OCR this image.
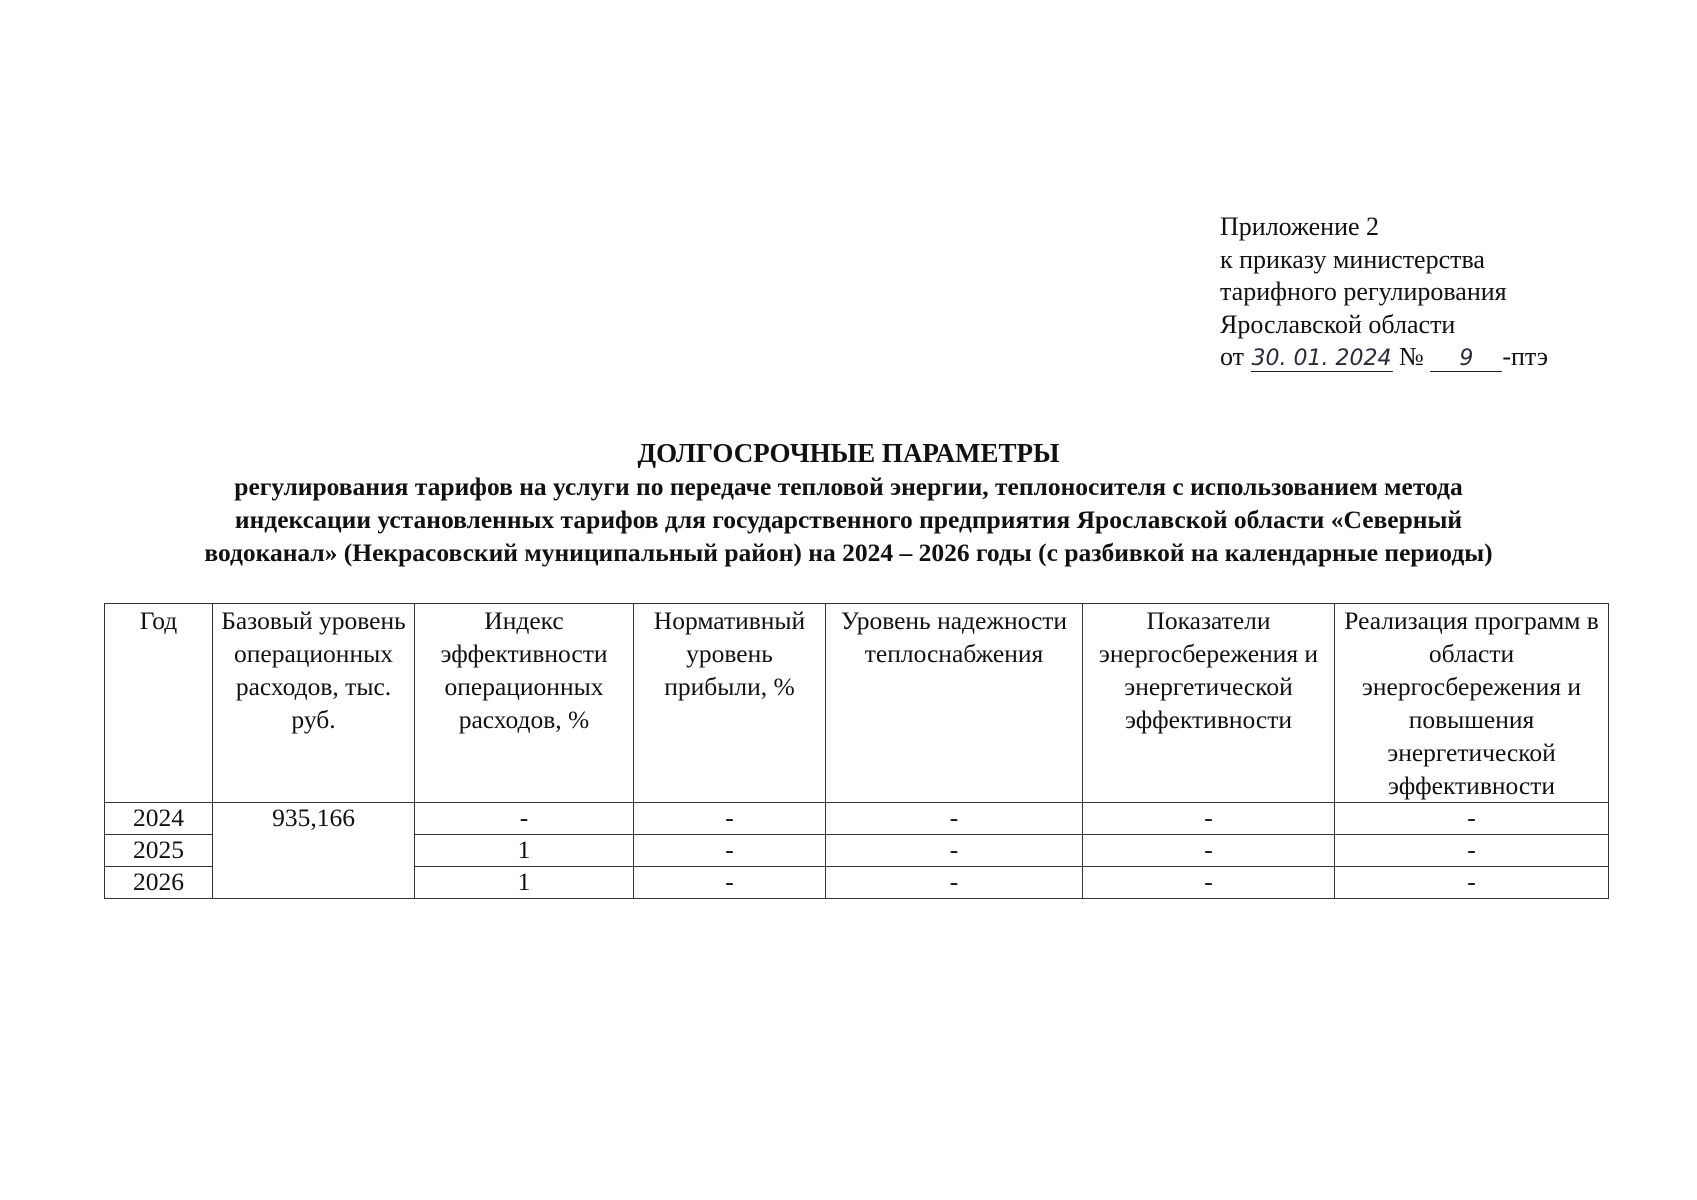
Приложение 2
к приказу министерства
тарифного регулирования
Ярославской области
от 30. 01. 2024 № 9 -птэ
ДОЛГОСРОЧНЫЕ ПАРАМЕТРЫ
регулирования тарифов на услуги по передаче тепловой энергии, теплоносителя с использованием метода
индексации установленных тарифов для государственного предприятия Ярославской области «Северный
водоканал» (Некрасовский муниципальный район) на 2024 – 2026 годы (с разбивкой на календарные периоды)
Год	Базовый уровень операционных расходов, тыс. руб.	Индекс эффективности операционных расходов, %	Нормативный уровень прибыли, %	Уровень надежности теплоснабжения	Показатели энергосбережения и энергетической эффективности	Реализация программ в области энергосбережения и повышения энергетической эффективности
2024	935,166	-	-	-	-	-
2025		1	-	-	-	-
2026		1	-	-	-	-
